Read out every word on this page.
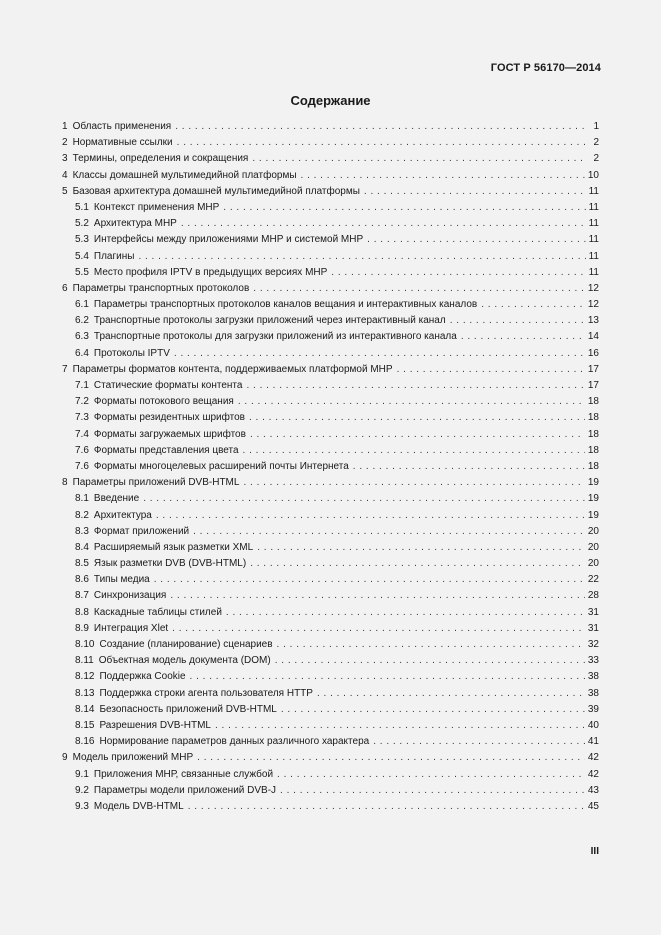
ГОСТ Р 56170—2014
Содержание
1 Область применения . . .	1
2 Нормативные ссылки . . .	2
3 Термины, определения и сокращения . . .	2
4 Классы домашней мультимедийной платформы . . .	10
5 Базовая архитектура домашней мультимедийной платформы . . .	11
5.1 Контекст применения МНР . . .	11
5.2 Архитектура МНР . . .	11
5.3 Интерфейсы между приложениями МНР и системой МНР . . .	11
5.4 Плагины . . .	11
5.5 Место профиля IPTV в предыдущих версиях МНР . . .	11
6 Параметры транспортных протоколов . . .	12
6.1 Параметры транспортных протоколов каналов вещания и интерактивных каналов . . .	12
6.2 Транспортные протоколы загрузки приложений через интерактивный канал . . .	13
6.3 Транспортные протоколы для загрузки приложений из интерактивного канала . . .	14
6.4 Протоколы IPTV . . .	16
7 Параметры форматов контента, поддерживаемых платформой МНР . . .	17
7.1 Статические форматы контента . . .	17
7.2 Форматы потокового вещания . . .	18
7.3 Форматы резидентных шрифтов . . .	18
7.4 Форматы загружаемых шрифтов . . .	18
7.6 Форматы представления цвета . . .	18
7.6 Форматы многоцелевых расширений почты Интернета . . .	18
8 Параметры приложений DVB-HTML . . .	19
8.1 Введение . . .	19
8.2 Архитектура . . .	19
8.3 Формат приложений . . .	20
8.4 Расширяемый язык разметки XML . . .	20
8.5 Язык разметки DVB (DVB-HTML) . . .	20
8.6 Типы медиа . . .	22
8.7 Синхронизация . . .	28
8.8 Каскадные таблицы стилей . . .	31
8.9 Интеграция Xlet . . .	31
8.10 Создание (планирование) сценариев . . .	32
8.11 Объектная модель документа (DOM) . . .	33
8.12 Поддержка Cookie . . .	38
8.13 Поддержка строки агента пользователя HTTP . . .	38
8.14 Безопасность приложений DVB-HTML . . .	39
8.15 Разрешения DVB-HTML . . .	40
8.16 Нормирование параметров данных различного характера . . .	41
9 Модель приложений МНР . . .	42
9.1 Приложения МНР, связанные службой . . .	42
9.2 Параметры модели приложений DVB-J . . .	43
9.3 Модель DVB-HTML . . .	45
III
